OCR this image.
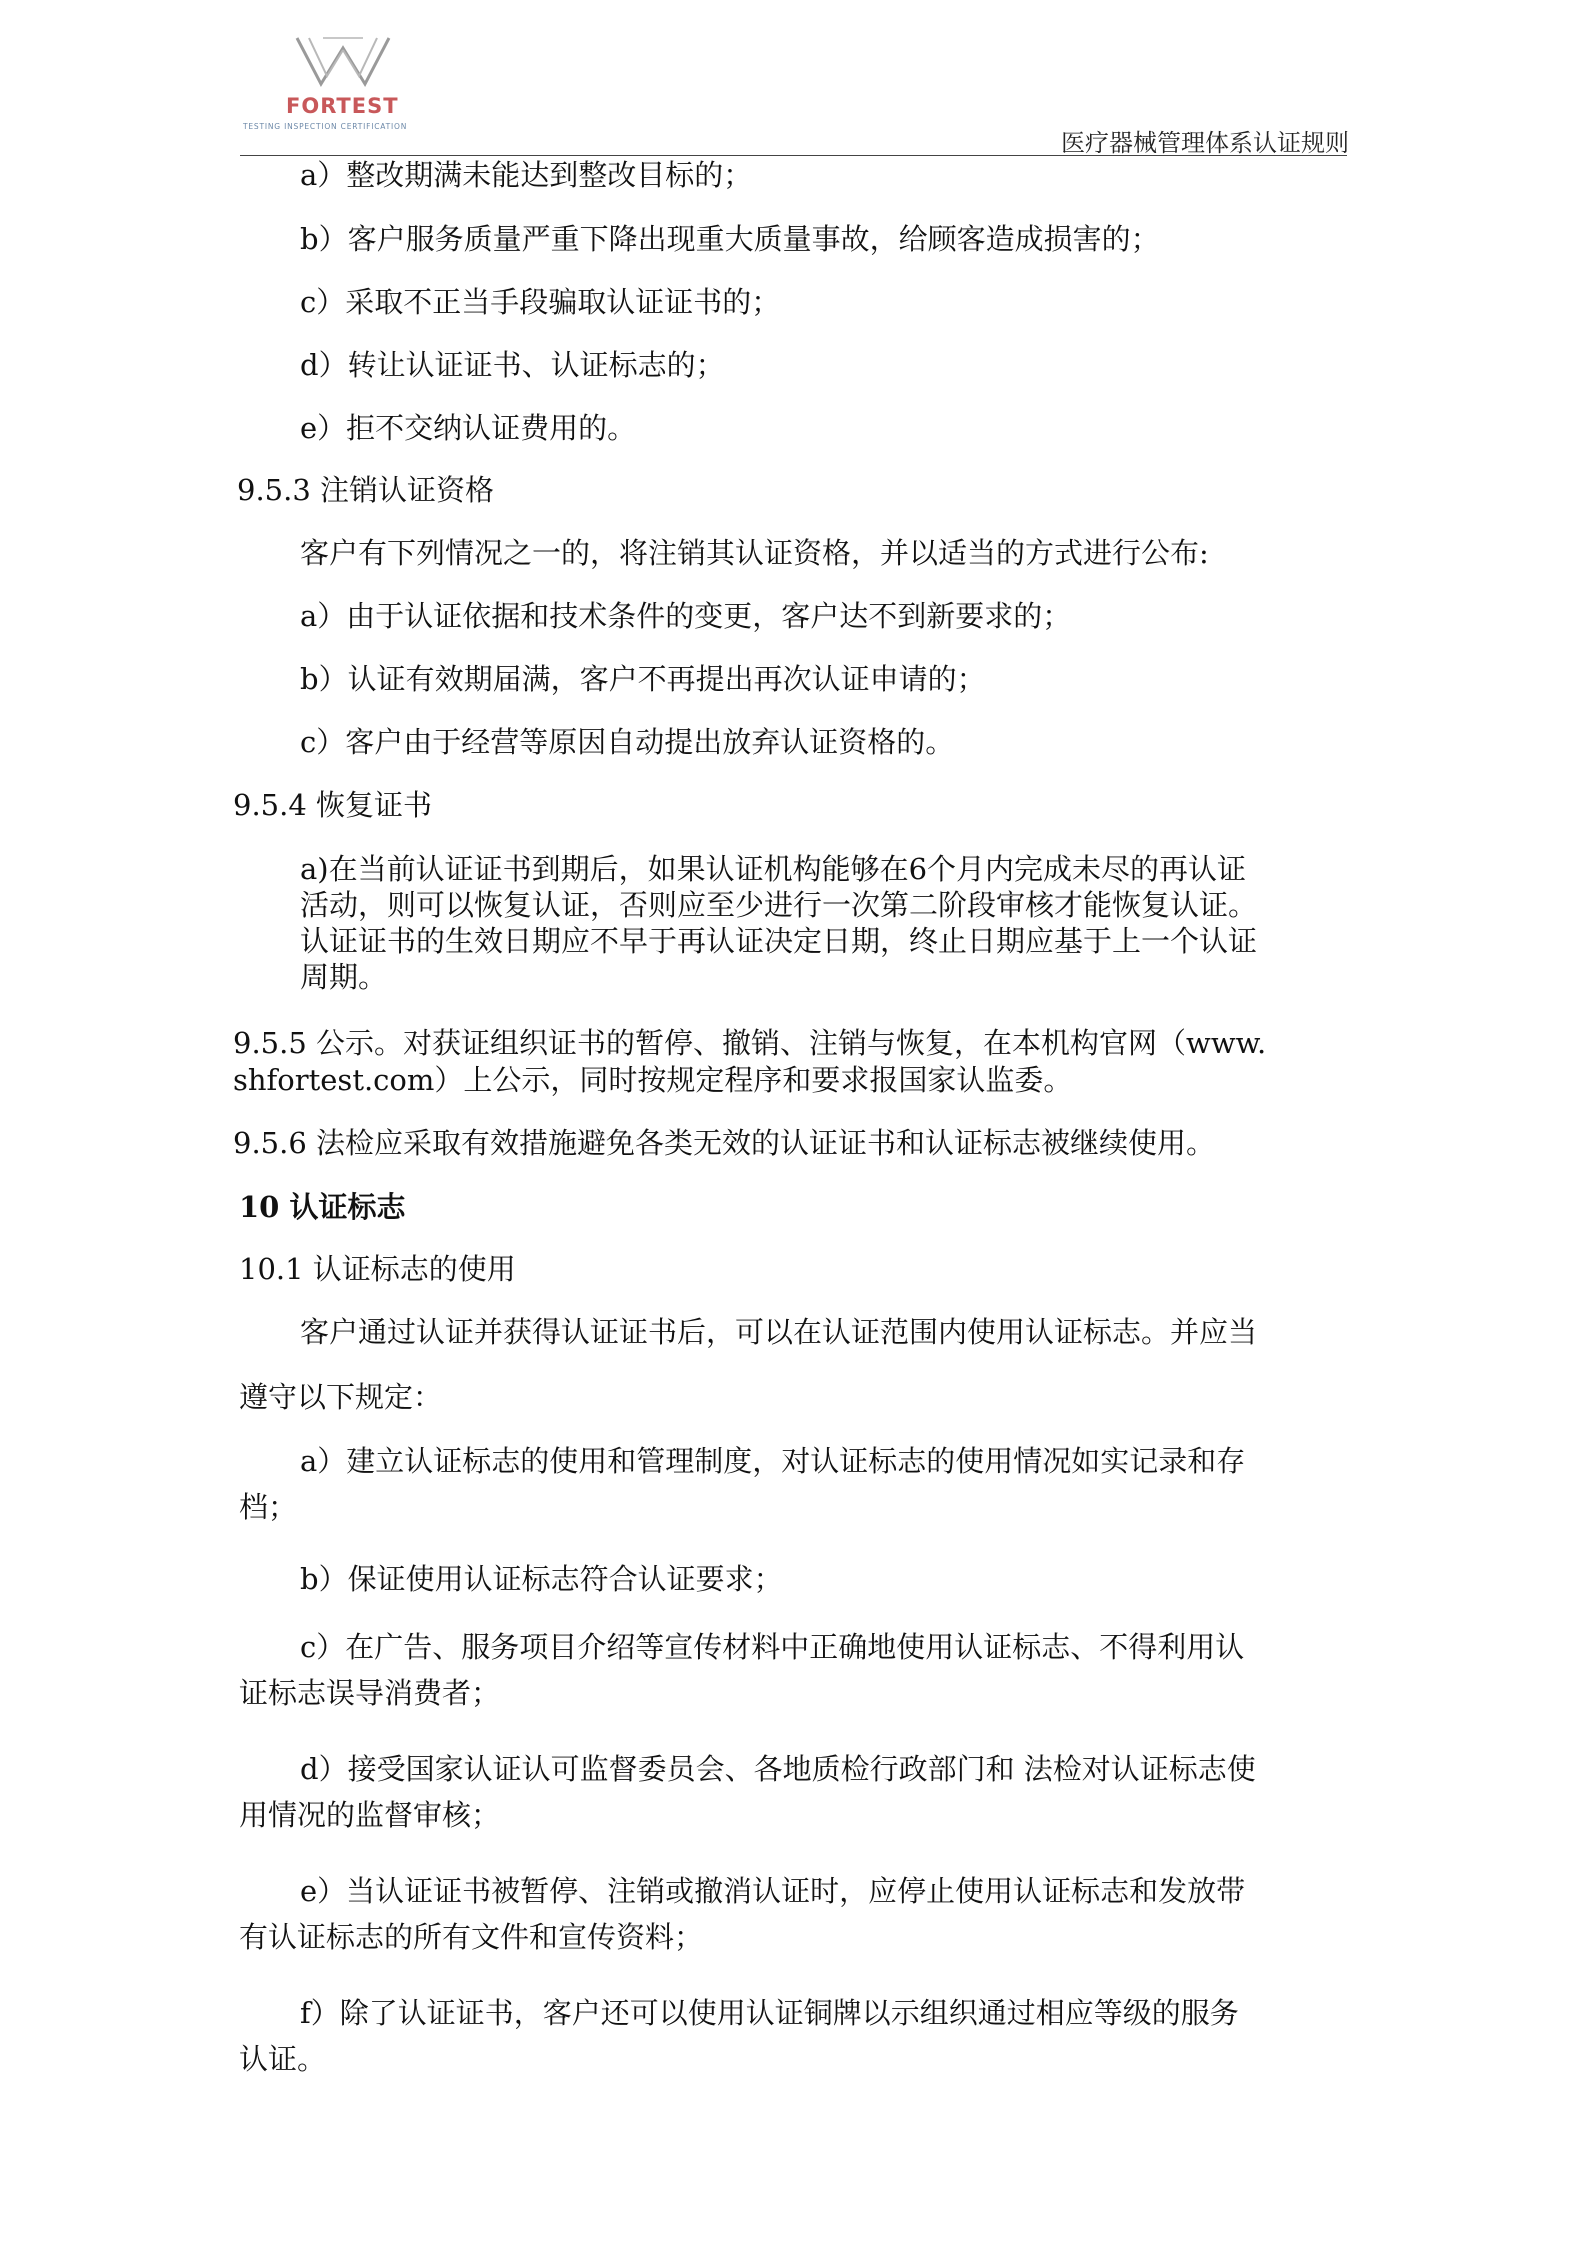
FORTEST
TESTING INSPECTION CERTIFICATION
医疗器械管理体系认证规则
a）整改期满未能达到整改目标的；
b）客户服务质量严重下降出现重大质量事故，给顾客造成损害的；
c）采取不正当手段骗取认证证书的；
d）转让认证证书、认证标志的；
e）拒不交纳认证费用的。
9.5.3 注销认证资格
客户有下列情况之一的，将注销其认证资格，并以适当的方式进行公布:
a）由于认证依据和技术条件的变更，客户达不到新要求的；
b）认证有效期届满，客户不再提出再次认证申请的；
c）客户由于经营等原因自动提出放弃认证资格的。
9.5.4 恢复证书
a)在当前认证证书到期后，如果认证机构能够在6个月内完成未尽的再认证
活动，则可以恢复认证，否则应至少进行一次第二阶段审核才能恢复认证。
认证证书的生效日期应不早于再认证决定日期，终止日期应基于上一个认证
周期。
9.5.5 公示。对获证组织证书的暂停、撤销、注销与恢复，在本机构官网（www.
shfortest.com）上公示，同时按规定程序和要求报国家认监委。
9.5.6 法检应采取有效措施避免各类无效的认证证书和认证标志被继续使用。
10 认证标志
10.1 认证标志的使用
客户通过认证并获得认证证书后，可以在认证范围内使用认证标志。并应当
遵守以下规定：
a）建立认证标志的使用和管理制度，对认证标志的使用情况如实记录和存
档；
b）保证使用认证标志符合认证要求；
c）在广告、服务项目介绍等宣传材料中正确地使用认证标志、不得利用认
证标志误导消费者；
d）接受国家认证认可监督委员会、各地质检行政部门和 法检对认证标志使
用情况的监督审核；
e）当认证证书被暂停、注销或撤消认证时，应停止使用认证标志和发放带
有认证标志的所有文件和宣传资料；
f）除了认证证书，客户还可以使用认证铜牌以示组织通过相应等级的服务
认证。
